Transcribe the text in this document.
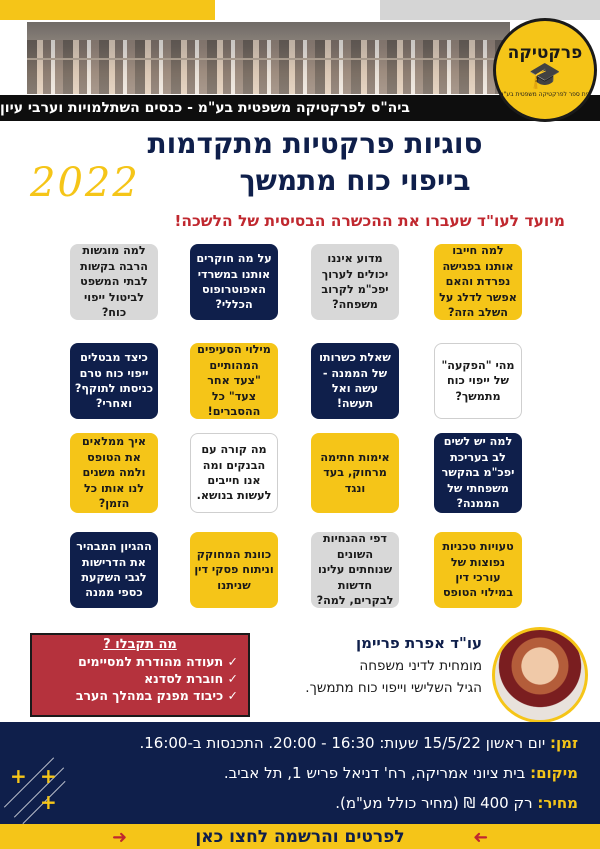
ביה"ס לפרקטיקה משפטית בע"מ - כנסים השתלמויות וערבי עיון
פרקטיקה
🎓
בית ספר לפרקטיקה משפטית בע"מ
סוגיות פרקטיות מתקדמות
בייפוי כוח מתמשך
2022
מיועד לעו"ד שעברו את ההכשרה הבסיסית של הלשכה!
למה חייבו אותנו בפגישה נפרדת והאם אפשר לדלג על השלב הזה?
מדוע איננו יכולים לערוך יפכ"מ לקרוב משפחה?
על מה חוקרים אותנו במשרדי האפוטרופוס הכללי?
למה מוגשות הרבה בקשות לבתי המשפט לביטול ייפוי כוח?
מהי "הפקעה" של ייפוי כוח מתמשך?
שאלת כשרותו של הממנה - עשה ואל תעשה!
מילוי הסעיפים המהותיים "צעד אחר צעד" כל ההסברים!
כיצד מבטלים ייפוי כוח טרם כניסתו לתוקף? ואחרי?
למה יש לשים לב בעריכת יפכ"מ בהקשר משפחתי של הממנה?
אימות חתימה מרחוק, בעד ונגד
מה קורה עם הבנקים ומה אנו חייבים לעשות בנושא.
איך ממלאים את הטופס ולמה משנים לנו אותו כל הזמן?
טעויות טכניות נפוצות של עורכי דין במילוי הטופס
דפי ההנחיות השונים שנוחתים עלינו חדשות לבקרים, למה?
כוונת המחוקק וניתוח פסקי דין שניתנו
ההגיון המבהיר את הדרישות לגבי השקעת כספי ממנה
מה תקבלו ?
✓ תעודה מהודרת למסיימים
✓ חוברת לסדנא
✓ כיבוד מפנק במהלך הערב
עו"ד אפרת פריימן
מומחית לדיני משפחה
הגיל השלישי וייפוי כוח מתמשך.
זמן: יום ראשון 15/5/22 שעות: 16:30 - 20:00. התכנסות ב-16:00.
מיקום: בית ציוני אמריקה, רח' דניאל פריש 1, תל אביב.
מחיר: רק 400 ₪ (מחיר כולל מע"מ).
+ +
+
לפרטים והרשמה לחצו כאן
➜	➜
